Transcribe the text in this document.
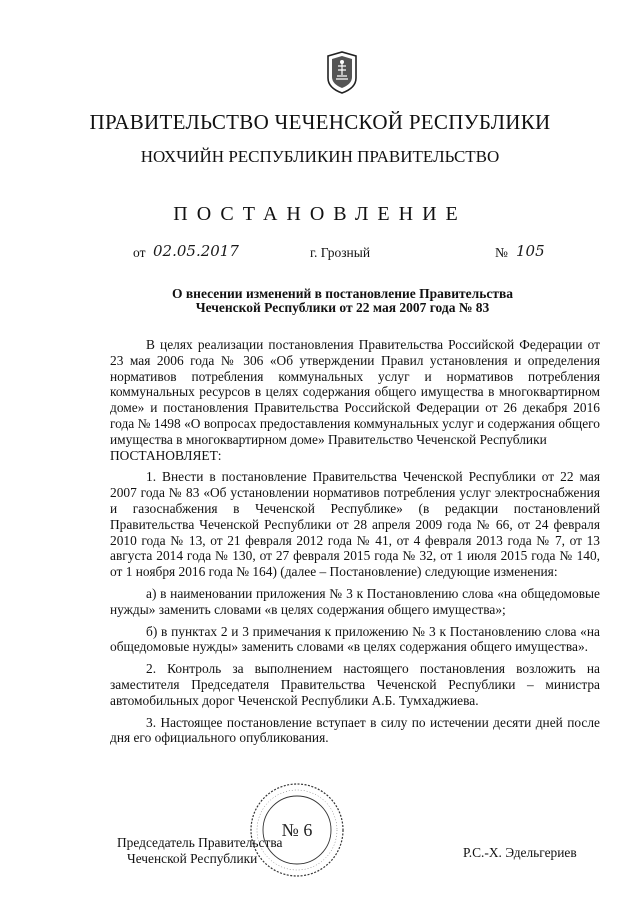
ПРАВИТЕЛЬСТВО ЧЕЧЕНСКОЙ РЕСПУБЛИКИ
НОХЧИЙН РЕСПУБЛИКИН ПРАВИТЕЛЬСТВО
ПОСТАНОВЛЕНИЕ
от 02.05.2017	г. Грозный	№ 105
О внесении изменений в постановление Правительства
Чеченской Республики от 22 мая 2007 года № 83

В целях реализации постановления Правительства Российской Федерации от 23 мая 2006 года № 306 «Об утверждении Правил установления и определения нормативов потребления коммунальных услуг и нормативов потребления коммунальных ресурсов в целях содержания общего имущества в многоквартирном доме» и постановления Правительства Российской Федерации от 26 декабря 2016 года № 1498 «О вопросах предоставления коммунальных услуг и содержания общего имущества в многоквартирном доме» Правительство Чеченской Республики

ПОСТАНОВЛЯЕТ:

1. Внести в постановление Правительства Чеченской Республики от 22 мая 2007 года № 83 «Об установлении нормативов потребления услуг электроснабжения и газоснабжения в Чеченской Республике» (в редакции постановлений Правительства Чеченской Республики от 28 апреля 2009 года № 66, от 24 февраля 2010 года № 13, от 21 февраля 2012 года № 41, от 4 февраля 2013 года № 7, от 13 августа 2014 года № 130, от 27 февраля 2015 года № 32, от 1 июля 2015 года № 140, от 1 ноября 2016 года № 164) (далее – Постановление) следующие изменения:

а) в наименовании приложения № 3 к Постановлению слова «на общедомовые нужды» заменить словами «в целях содержания общего имущества»;

б) в пунктах 2 и 3 примечания к приложению № 3 к Постановлению слова «на общедомовые нужды» заменить словами «в целях содержания общего имущества».

2. Контроль за выполнением настоящего постановления возложить на заместителя Председателя Правительства Чеченской Республики – министра автомобильных дорог Чеченской Республики А.Б. Тумхаджиева.

3. Настоящее постановление вступает в силу по истечении десяти дней после дня его официального опубликования.

№ 6
Председатель Правительства
Чеченской Республики	Р.С.-Х. Эдельгериев
